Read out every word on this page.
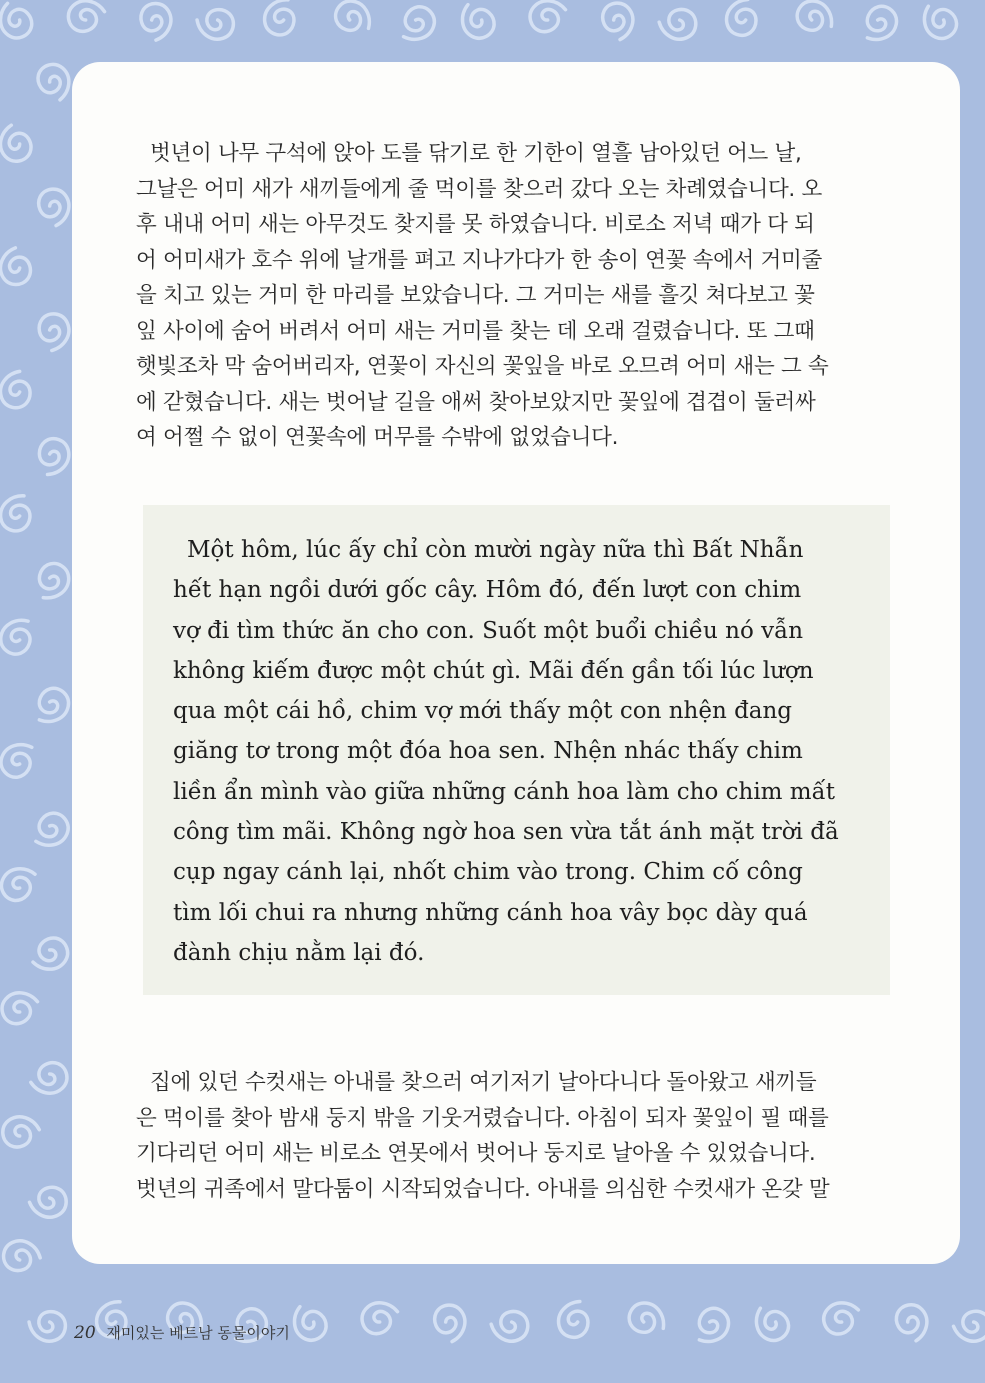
벗년이 나무 구석에 앉아 도를 닦기로 한 기한이 열흘 남아있던 어느 날,
그날은 어미 새가 새끼들에게 줄 먹이를 찾으러 갔다 오는 차례였습니다. 오
후 내내 어미 새는 아무것도 찾지를 못 하였습니다. 비로소 저녁 때가 다 되
어 어미새가 호수 위에 날개를 펴고 지나가다가 한 송이 연꽃 속에서 거미줄
을 치고 있는 거미 한 마리를 보았습니다. 그 거미는 새를 흘깃 쳐다보고 꽃
잎 사이에 숨어 버려서 어미 새는 거미를 찾는 데 오래 걸렸습니다. 또 그때
햇빛조차 막 숨어버리자, 연꽃이 자신의 꽃잎을 바로 오므려 어미 새는 그 속
에 갇혔습니다. 새는 벗어날 길을 애써 찾아보았지만 꽃잎에 겹겹이 둘러싸
여 어쩔 수 없이 연꽃속에 머무를 수밖에 없었습니다.
Một hôm, lúc ấy chỉ còn mười ngày nữa thì Bất Nhẫn
hết hạn ngồi dưới gốc cây. Hôm đó, đến lượt con chim
vợ đi tìm thức ăn cho con. Suốt một buổi chiều nó vẫn
không kiếm được một chút gì. Mãi đến gần tối lúc lượn
qua một cái hồ, chim vợ mới thấy một con nhện đang
giăng tơ trong một đóa hoa sen. Nhện nhác thấy chim
liền ẩn mình vào giữa những cánh hoa làm cho chim mất
công tìm mãi. Không ngờ hoa sen vừa tắt ánh mặt trời đã
cụp ngay cánh lại, nhốt chim vào trong. Chim cố công
tìm lối chui ra nhưng những cánh hoa vây bọc dày quá
đành chịu nằm lại đó.
집에 있던 수컷새는 아내를 찾으러 여기저기 날아다니다 돌아왔고 새끼들
은 먹이를 찾아 밤새 둥지 밖을 기웃거렸습니다. 아침이 되자 꽃잎이 필 때를
기다리던 어미 새는 비로소 연못에서 벗어나 둥지로 날아올 수 있었습니다.
벗년의 귀족에서 말다툼이 시작되었습니다. 아내를 의심한 수컷새가 온갖 말
20 재미있는 베트남 동물이야기
